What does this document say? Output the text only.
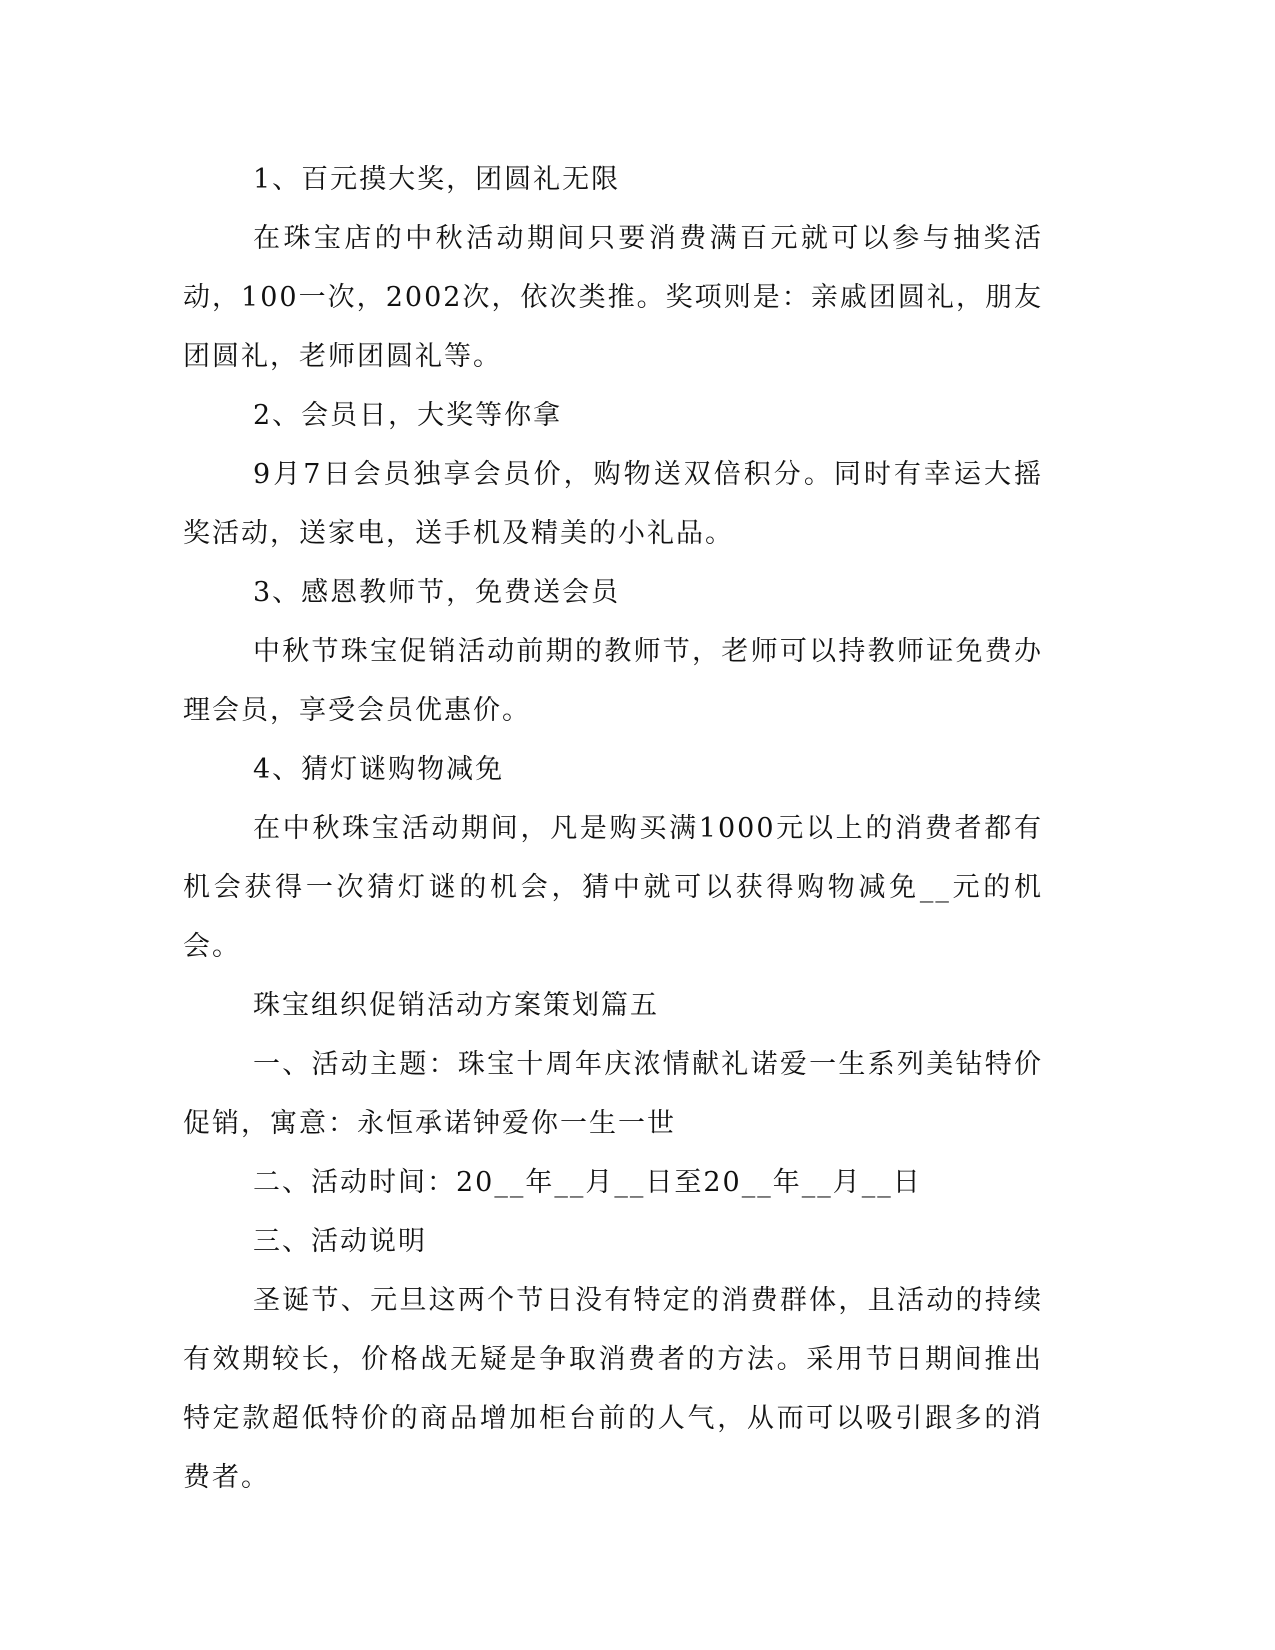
1、百元摸大奖，团圆礼无限

在珠宝店的中秋活动期间只要消费满百元就可以参与抽奖活动，100一次，2002次，依次类推。奖项则是：亲戚团圆礼，朋友团圆礼，老师团圆礼等。

2、会员日，大奖等你拿

9月7日会员独享会员价，购物送双倍积分。同时有幸运大摇奖活动，送家电，送手机及精美的小礼品。

3、感恩教师节，免费送会员

中秋节珠宝促销活动前期的教师节，老师可以持教师证免费办理会员，享受会员优惠价。

4、猜灯谜购物减免

在中秋珠宝活动期间，凡是购买满1000元以上的消费者都有机会获得一次猜灯谜的机会，猜中就可以获得购物减免__元的机会。

珠宝组织促销活动方案策划篇五

一、活动主题：珠宝十周年庆浓情献礼诺爱一生系列美钻特价促销，寓意：永恒承诺钟爱你一生一世

二、活动时间：20__年__月__日至20__年__月__日

三、活动说明

圣诞节、元旦这两个节日没有特定的消费群体，且活动的持续有效期较长，价格战无疑是争取消费者的方法。采用节日期间推出特定款超低特价的商品增加柜台前的人气，从而可以吸引跟多的消费者。
